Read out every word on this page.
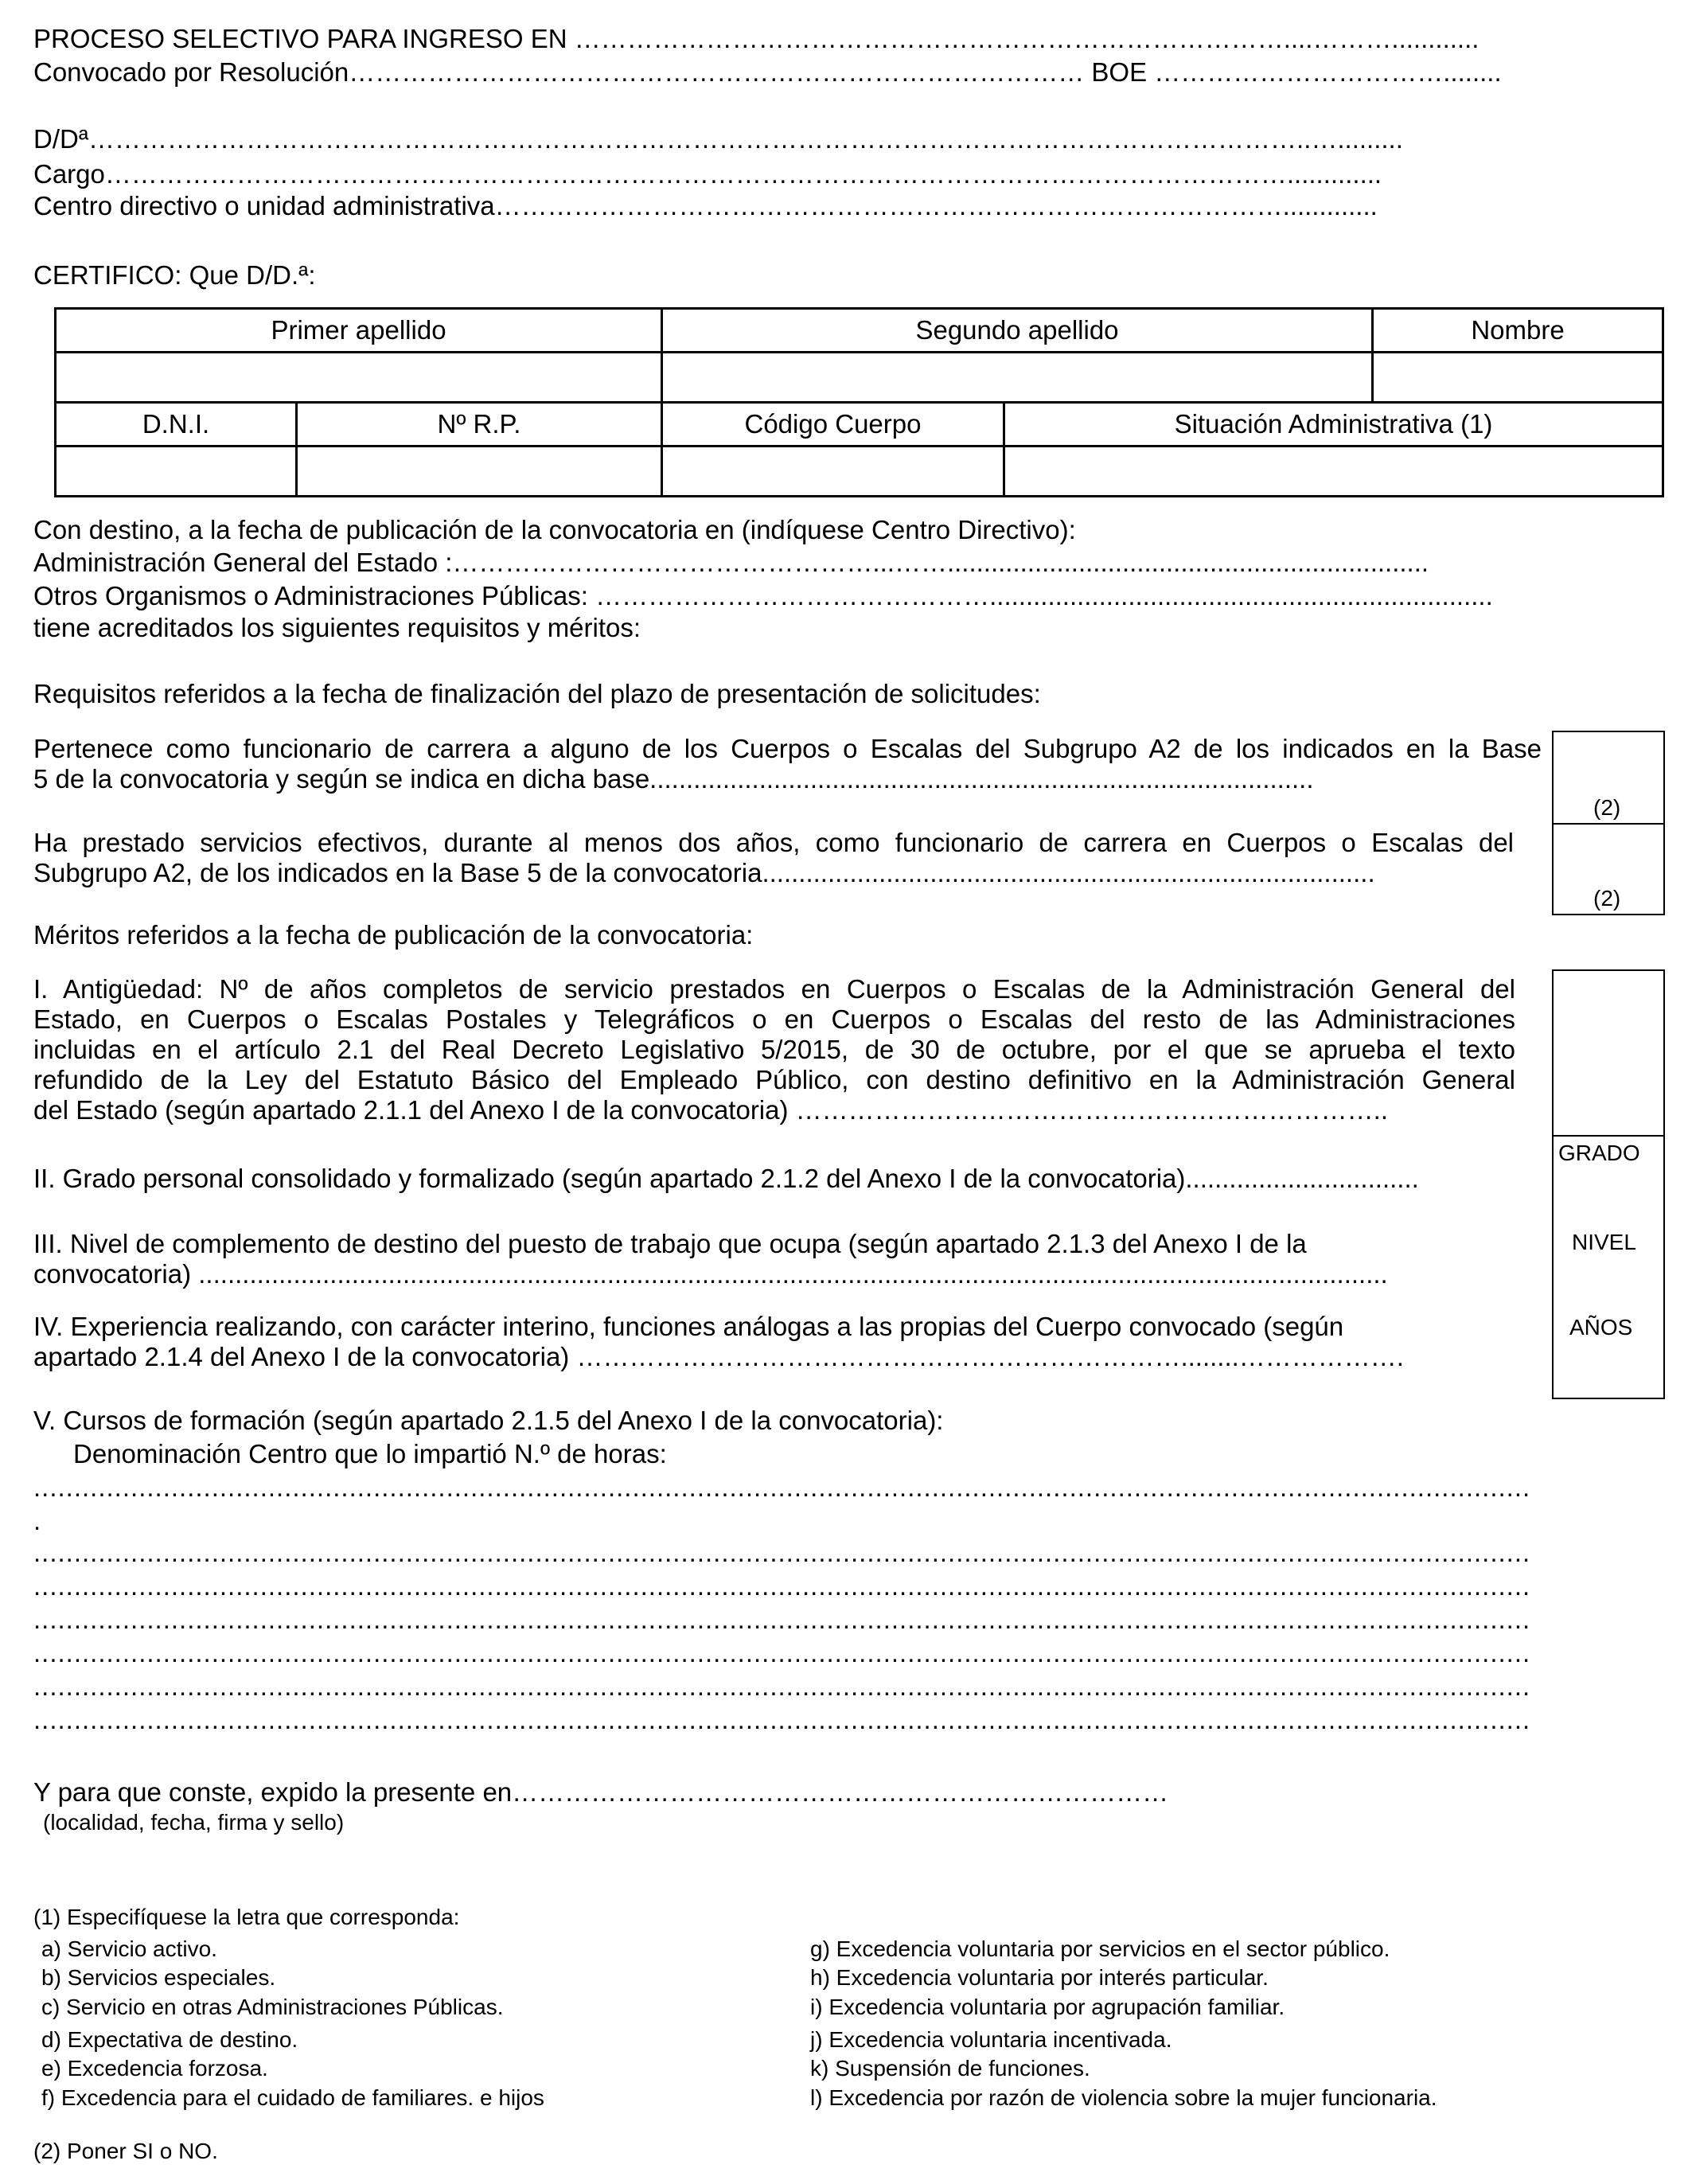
PROCESO SELECTIVO PARA INGRESO EN ………………………………………………………………………....………............
Convocado por Resolución………………………………………………………………………… BOE ……………………………........
D/Dª…………………………………………………………………………………………………………………………..….........
Cargo……………………………………………………………………………………………………………………….............
Centro directivo o unidad administrativa……………………………………………………………………………….............
CERTIFICO: Que D/D.ª:
Primer apellido		Segundo apellido		Nombre

D.N.I.	Nº R.P.	Código Cuerpo	Situación Administrativa (1)	

Con destino, a la fecha de publicación de la convocatoria en (indíquese Centro Directivo):
Administración General del Estado :…………………………………………...……..................................................................
Otros Organismos o Administraciones Públicas: ……………………………………….....................................................................
tiene acreditados los siguientes requisitos y méritos:
Requisitos referidos a la fecha de finalización del plazo de presentación de solicitudes:
Pertenece como funcionario de carrera a alguno de los Cuerpos o Escalas del Subgrupo A2 de los indicados en la Base
5 de la convocatoria y según se indica en dicha base...........................................................................................
Ha prestado servicios efectivos, durante al menos dos años, como funcionario de carrera en Cuerpos o Escalas del
Subgrupo A2, de los indicados en la Base 5 de la convocatoria....................................................................................
(2)
(2)
Méritos referidos a la fecha de publicación de la convocatoria:
I. Antigüedad: Nº de años completos de servicio prestados en Cuerpos o Escalas de la Administración General del
Estado, en Cuerpos o Escalas Postales y Telegráficos o en Cuerpos o Escalas del resto de las Administraciones
incluidas en el artículo 2.1 del Real Decreto Legislativo 5/2015, de 30 de octubre, por el que se aprueba el texto
refundido de la Ley del Estatuto Básico del Empleado Público, con destino definitivo en la Administración General
del Estado (según apartado 2.1.1 del Anexo I de la convocatoria) …………………………………………………………..
II. Grado personal consolidado y formalizado (según apartado 2.1.2 del Anexo I de la convocatoria)................................
III. Nivel de complemento de destino del puesto de trabajo que ocupa (según apartado 2.1.3 del Anexo I de la
convocatoria) ...................................................................................................................................................................
IV. Experiencia realizando, con carácter interino, funciones análogas a las propias del Cuerpo convocado (según
apartado 2.1.4 del Anexo I de la convocatoria) ……………………………………………………………........……………….
GRADO
NIVEL
AÑOS
V. Cursos de formación (según apartado 2.1.5 del Anexo I de la convocatoria):
Denominación Centro que lo impartió N.º de horas:
.........................................................................................................................................................................................
.
.........................................................................................................................................................................................
.........................................................................................................................................................................................
.........................................................................................................................................................................................
.........................................................................................................................................................................................
.........................................................................................................................................................................................
.........................................................................................................................................................................................
Y para que conste, expido la presente en…………………………………………………………………
(localidad, fecha, firma y sello)
(1) Especifíquese la letra que corresponda:
a) Servicio activo.
b) Servicios especiales.
c) Servicio en otras Administraciones Públicas.
d) Expectativa de destino.
e) Excedencia forzosa.
f) Excedencia para el cuidado de familiares. e hijos
g) Excedencia voluntaria por servicios en el sector público.
h) Excedencia voluntaria por interés particular.
i) Excedencia voluntaria por agrupación familiar.
j) Excedencia voluntaria incentivada.
k) Suspensión de funciones.
l) Excedencia por razón de violencia sobre la mujer funcionaria.
(2) Poner SI o NO.
